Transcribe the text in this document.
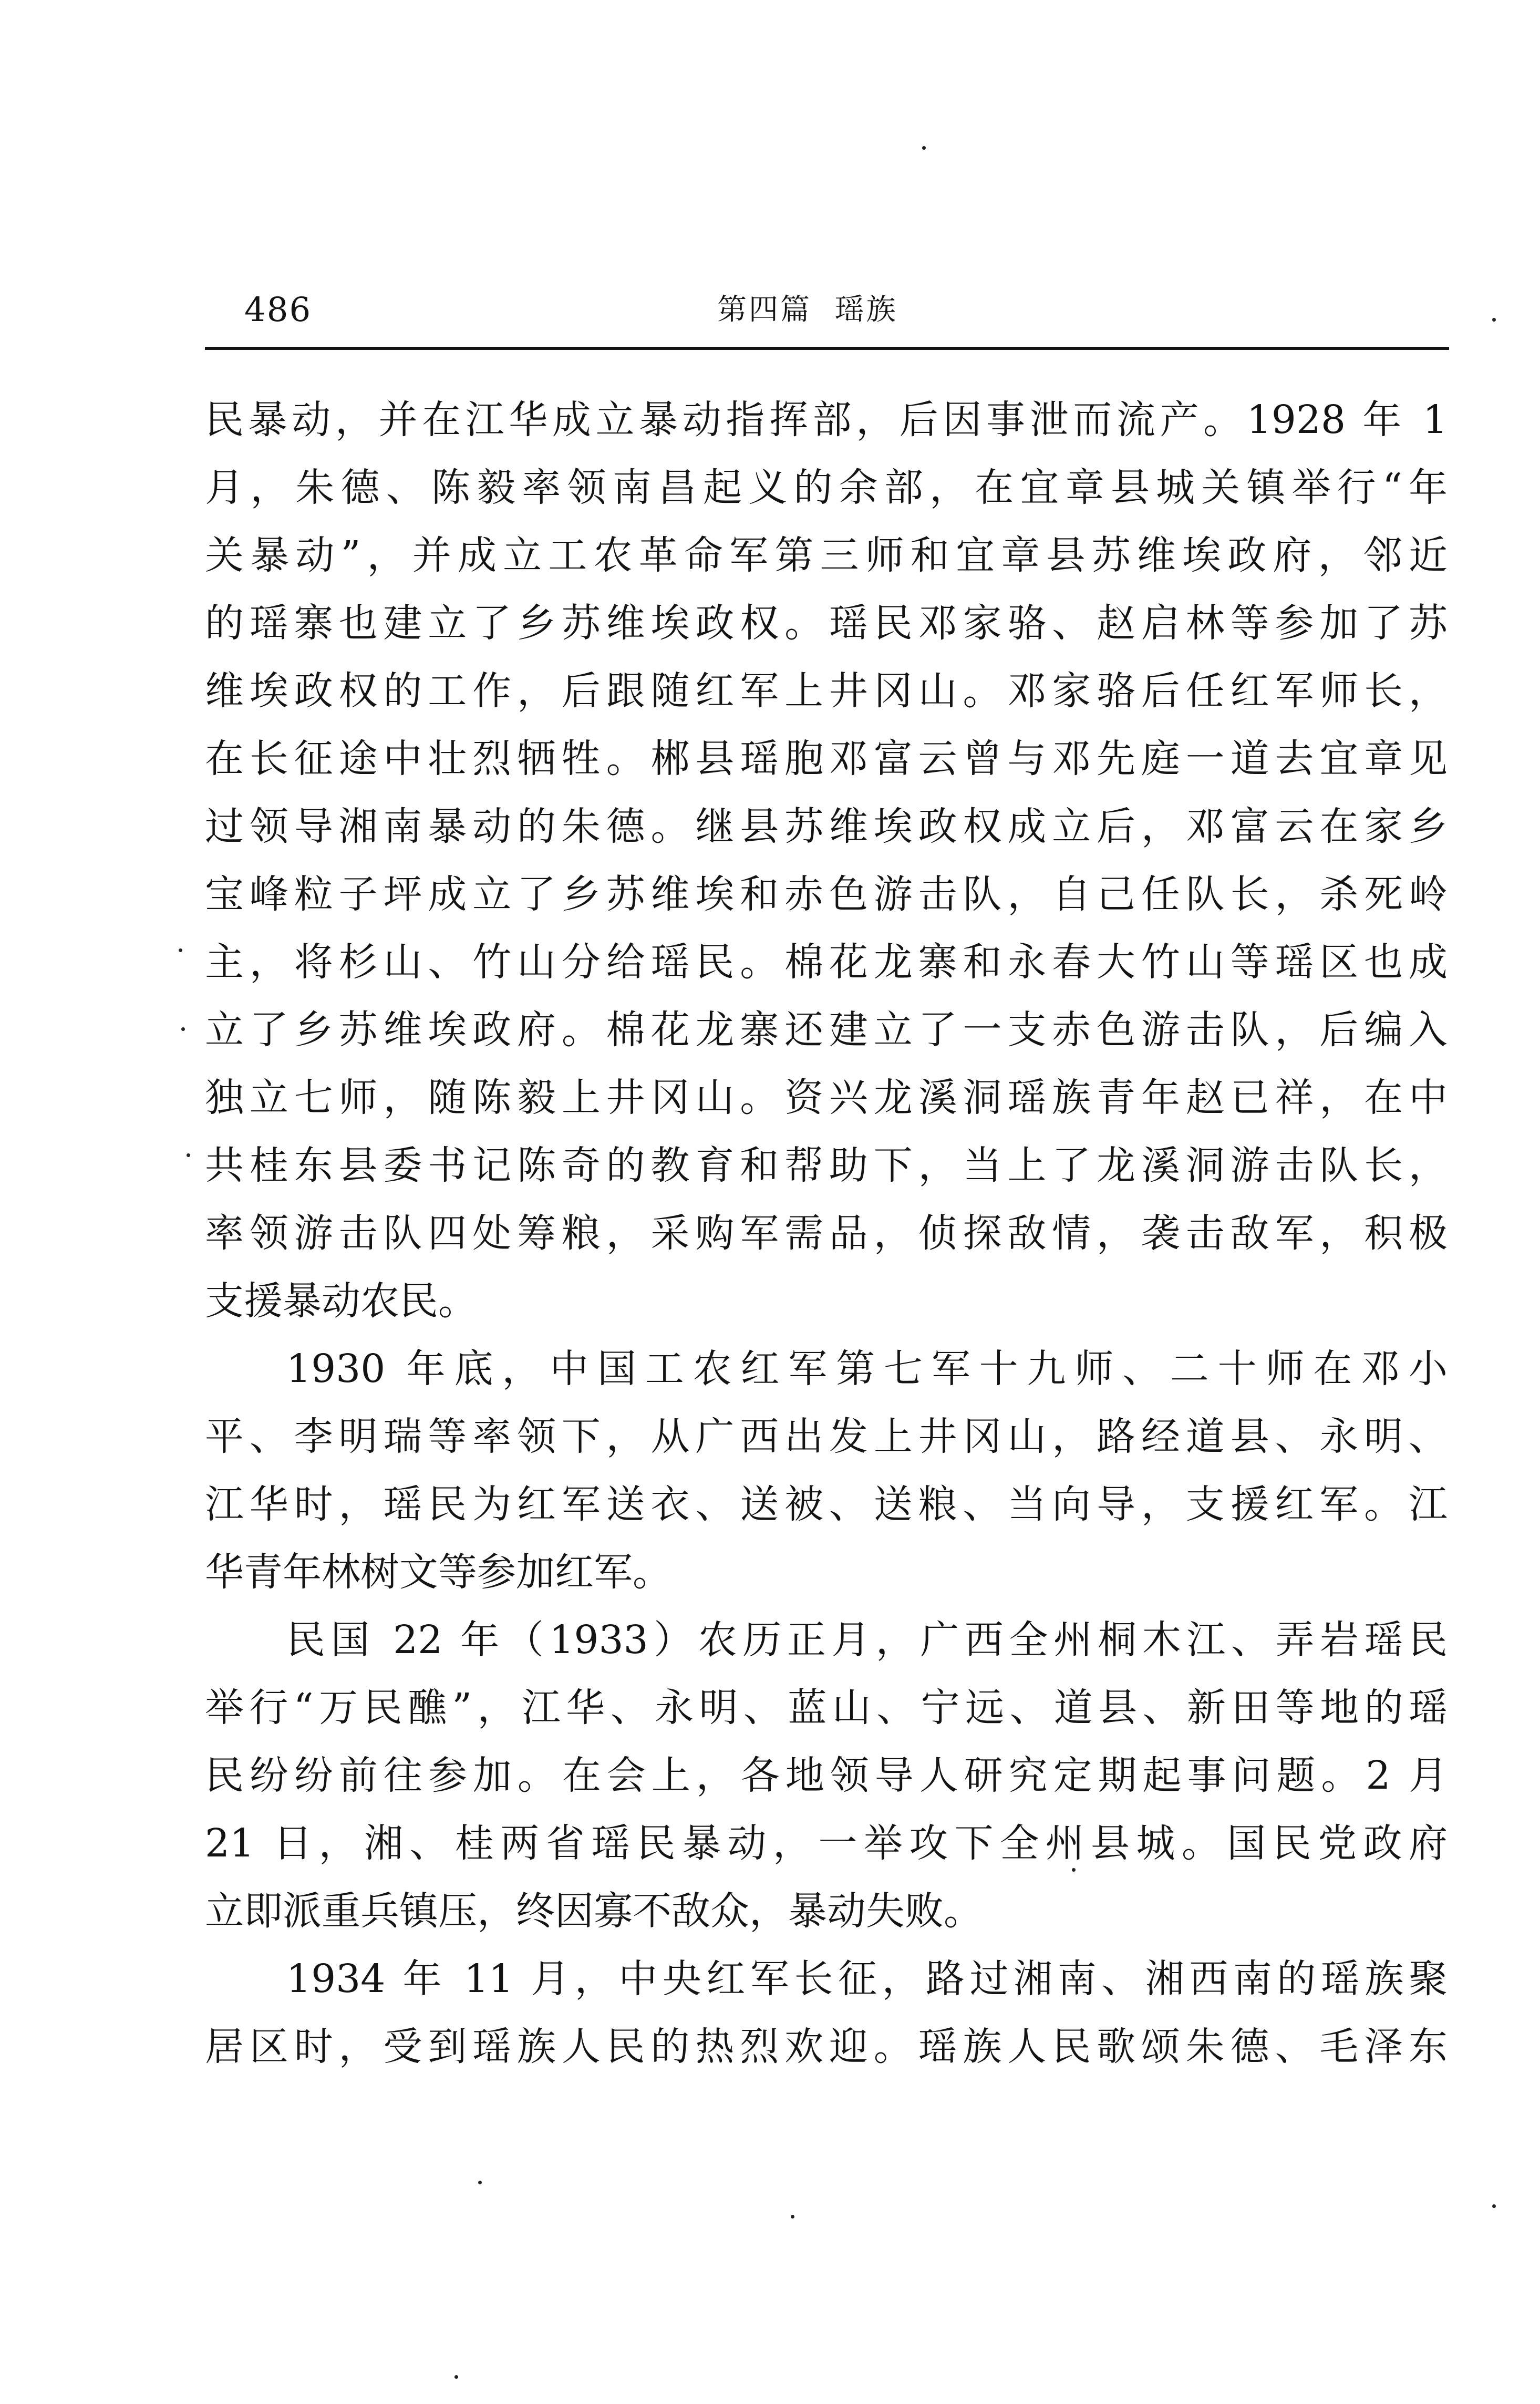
486	第四篇  瑶族
民暴动，并在江华成立暴动指挥部，后因事泄而流产。1928 年 1
月，朱德、陈毅率领南昌起义的余部，在宜章县城关镇举行“年
关暴动”，并成立工农革命军第三师和宜章县苏维埃政府，邻近
的瑶寨也建立了乡苏维埃政权。瑶民邓家骆、赵启林等参加了苏
维埃政权的工作，后跟随红军上井冈山。邓家骆后任红军师长，
在长征途中壮烈牺牲。郴县瑶胞邓富云曾与邓先庭一道去宜章见
过领导湘南暴动的朱德。继县苏维埃政权成立后，邓富云在家乡
宝峰粒子坪成立了乡苏维埃和赤色游击队，自己任队长，杀死岭
主，将杉山、竹山分给瑶民。棉花龙寨和永春大竹山等瑶区也成
立了乡苏维埃政府。棉花龙寨还建立了一支赤色游击队，后编入
独立七师，随陈毅上井冈山。资兴龙溪洞瑶族青年赵已祥，在中
共桂东县委书记陈奇的教育和帮助下，当上了龙溪洞游击队长，
率领游击队四处筹粮，采购军需品，侦探敌情，袭击敌军，积极
支援暴动农民。
1930 年底，中国工农红军第七军十九师、二十师在邓小
平、李明瑞等率领下，从广西出发上井冈山，路经道县、永明、
江华时，瑶民为红军送衣、送被、送粮、当向导，支援红军。江
华青年林树文等参加红军。
民国 22 年（1933）农历正月，广西全州桐木江、弄岩瑶民
举行“万民醮”，江华、永明、蓝山、宁远、道县、新田等地的瑶
民纷纷前往参加。在会上，各地领导人研究定期起事问题。2 月
21 日，湘、桂两省瑶民暴动，一举攻下全州县城。国民党政府
立即派重兵镇压，终因寡不敌众，暴动失败。
1934 年 11 月，中央红军长征，路过湘南、湘西南的瑶族聚
居区时，受到瑶族人民的热烈欢迎。瑶族人民歌颂朱德、毛泽东
